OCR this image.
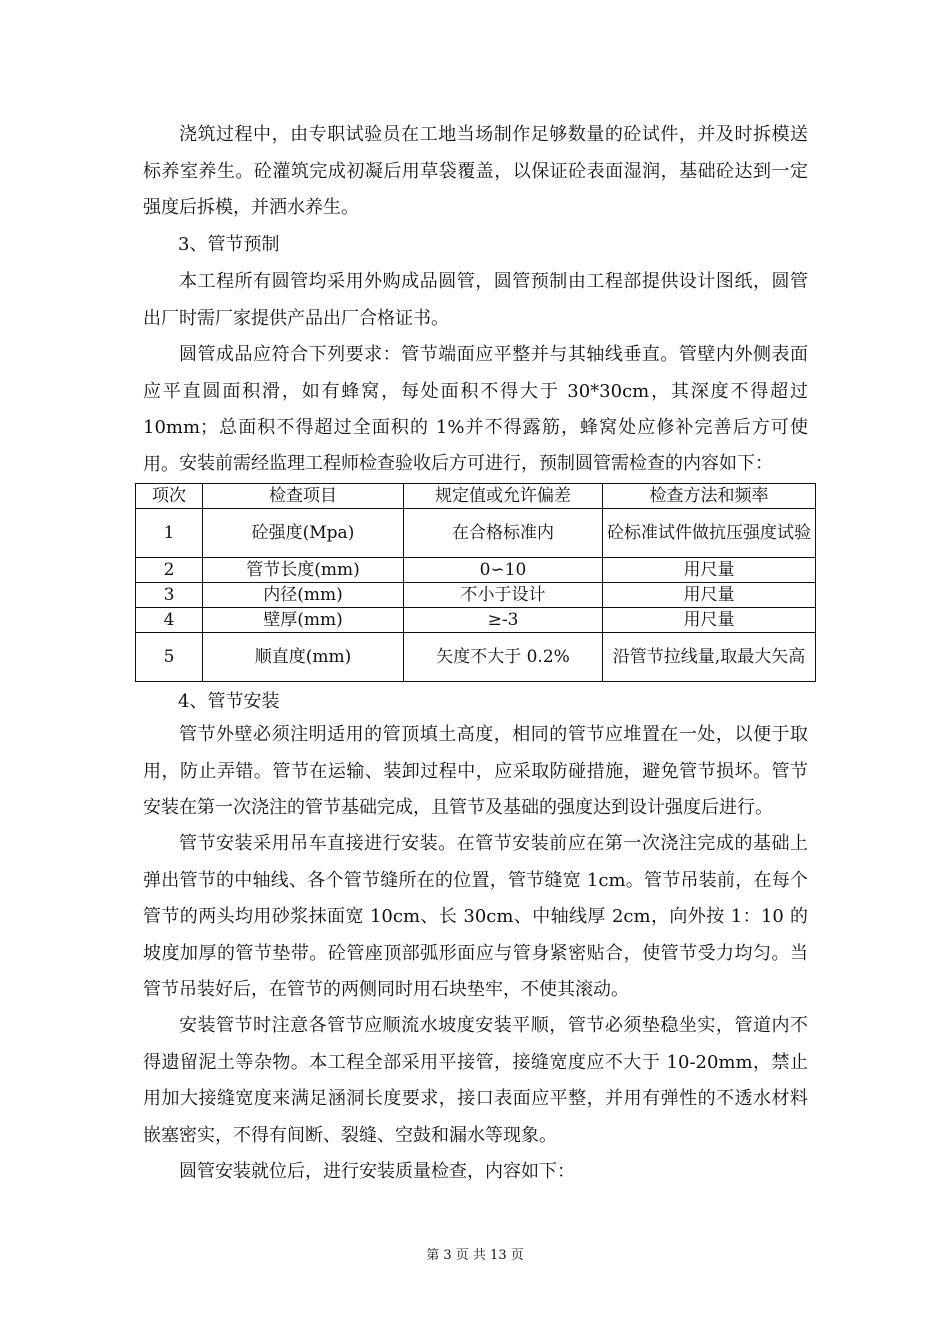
浇筑过程中，由专职试验员在工地当场制作足够数量的砼试件，并及时拆模送标养室养生。砼灌筑完成初凝后用草袋覆盖，以保证砼表面湿润，基础砼达到一定强度后拆模，并洒水养生。

3、管节预制

本工程所有圆管均采用外购成品圆管，圆管预制由工程部提供设计图纸，圆管出厂时需厂家提供产品出厂合格证书。

圆管成品应符合下列要求：管节端面应平整并与其轴线垂直。管壁内外侧表面应平直圆面积滑，如有蜂窝，每处面积不得大于 30*30cm，其深度不得超过 10mm；总面积不得超过全面积的 1%并不得露筋，蜂窝处应修补完善后方可使用。 安装前需经监理工程师检查验收后方可进行，预制圆管需检查的内容如下：

项次	检查项目	规定值或允许偏差	检查方法和频率
1	砼强度(Mpa)	在合格标准内	砼标准试件做抗压强度试验
2	管节长度(mm)	0∽10	用尺量
3	内径(mm)	不小于设计	用尺量
4	壁厚(mm)	≥-3	用尺量
5	顺直度(mm)	矢度不大于 0.2%	沿管节拉线量,取最大矢高

4、管节安装

管节外壁必须注明适用的管顶填土高度，相同的管节应堆置在一处，以便于取用，防止弄错。管节在运输、装卸过程中，应采取防碰措施，避免管节损坏。管节安装在第一次浇注的管节基础完成，且管节及基础的强度达到设计强度后进行。

管节安装采用吊车直接进行安装。在管节安装前应在第一次浇注完成的基础上弹出管节的中轴线、各个管节缝所在的位置，管节缝宽 1cm。管节吊装前，在每个管节的两头均用砂浆抹面宽 10cm、长 30cm、中轴线厚 2cm，向外按 1：10 的坡度加厚的管节垫带。砼管座顶部弧形面应与管身紧密贴合，使管节受力均匀。当管节吊装好后，在管节的两侧同时用石块垫牢，不使其滚动。

安装管节时注意各管节应顺流水坡度安装平顺，管节必须垫稳坐实，管道内不得遗留泥土等杂物。本工程全部采用平接管，接缝宽度应不大于 10-20mm，禁止用加大接缝宽度来满足涵洞长度要求，接口表面应平整，并用有弹性的不透水材料嵌塞密实，不得有间断、裂缝、空鼓和漏水等现象。

圆管安装就位后，进行安装质量检查，内容如下：

第 3 页 共 13 页
